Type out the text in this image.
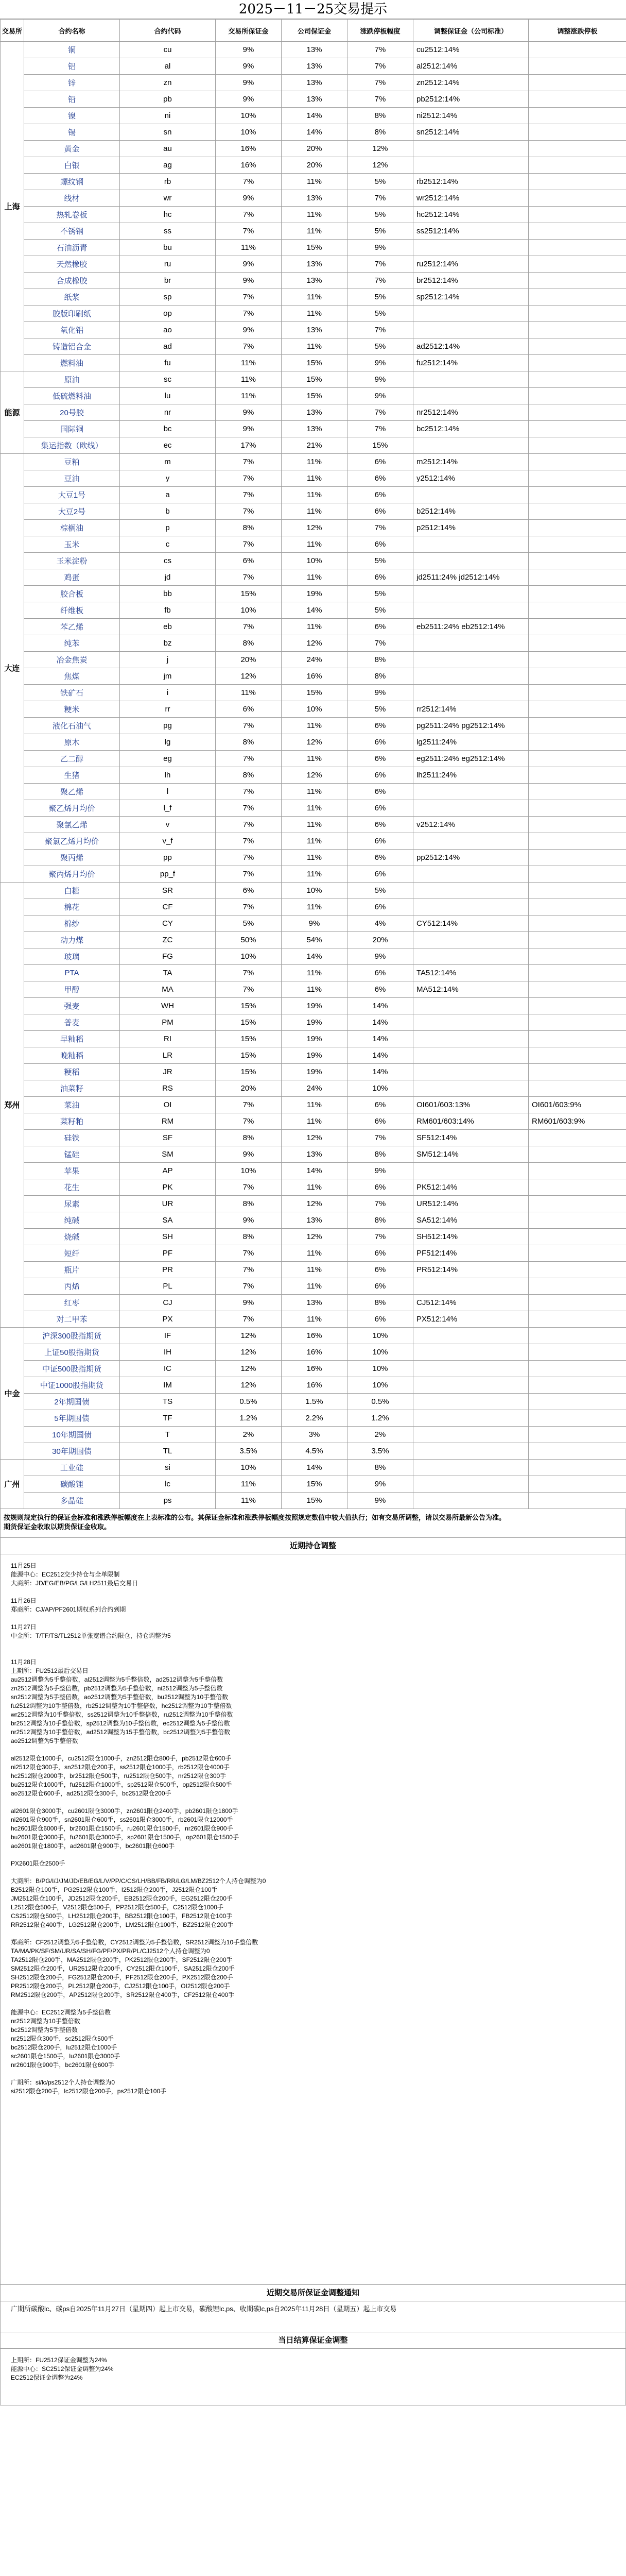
2025－11－25交易提示
交易所	合约名称	合约代码	交易所保证金	公司保证金	涨跌停板幅度	调整保证金（公司标准）	调整涨跌停板
上海	铜	cu	9%	13%	7%	cu2512:14%	
	铝	al	9%	13%	7%	al2512:14%	
	锌	zn	9%	13%	7%	zn2512:14%	
	铅	pb	9%	13%	7%	pb2512:14%	
	镍	ni	10%	14%	8%	ni2512:14%	
	锡	sn	10%	14%	8%	sn2512:14%	
	黄金	au	16%	20%	12%		
	白银	ag	16%	20%	12%		
	螺纹钢	rb	7%	11%	5%	rb2512:14%	
	线材	wr	9%	13%	7%	wr2512:14%	
	热轧卷板	hc	7%	11%	5%	hc2512:14%	
	不锈钢	ss	7%	11%	5%	ss2512:14%	
	石油沥青	bu	11%	15%	9%		
	天然橡胶	ru	9%	13%	7%	ru2512:14%	
	合成橡胶	br	9%	13%	7%	br2512:14%	
	纸浆	sp	7%	11%	5%	sp2512:14%	
	胶版印刷纸	op	7%	11%	5%		
	氧化铝	ao	9%	13%	7%		
	铸造铝合金	ad	7%	11%	5%	ad2512:14%	
	燃料油	fu	11%	15%	9%	fu2512:14%	
能源	原油	sc	11%	15%	9%		
	低硫燃料油	lu	11%	15%	9%		
	20号胶	nr	9%	13%	7%	nr2512:14%	
	国际铜	bc	9%	13%	7%	bc2512:14%	
	集运指数（欧线）	ec	17%	21%	15%		
大连	豆粕	m	7%	11%	6%	m2512:14%	
	豆油	y	7%	11%	6%	y2512:14%	
	大豆1号	a	7%	11%	6%		
	大豆2号	b	7%	11%	6%	b2512:14%	
	棕榈油	p	8%	12%	7%	p2512:14%	
	玉米	c	7%	11%	6%		
	玉米淀粉	cs	6%	10%	5%		
	鸡蛋	jd	7%	11%	6%	jd2511:24% jd2512:14%	
	胶合板	bb	15%	19%	5%		
	纤维板	fb	10%	14%	5%		
	苯乙烯	eb	7%	11%	6%	eb2511:24% eb2512:14%	
	纯苯	bz	8%	12%	7%		
	冶金焦炭	j	20%	24%	8%		
	焦煤	jm	12%	16%	8%		
	铁矿石	i	11%	15%	9%		
	粳米	rr	6%	10%	5%	rr2512:14%	
	液化石油气	pg	7%	11%	6%	pg2511:24% pg2512:14%	
	原木	lg	8%	12%	6%	lg2511:24%	
	乙二醇	eg	7%	11%	6%	eg2511:24% eg2512:14%	
	生猪	lh	8%	12%	6%	lh2511:24%	
	聚乙烯	l	7%	11%	6%		
	聚乙烯月均价	l_f	7%	11%	6%		
	聚氯乙烯	v	7%	11%	6%	v2512:14%	
	聚氯乙烯月均价	v_f	7%	11%	6%		
	聚丙烯	pp	7%	11%	6%	pp2512:14%	
	聚丙烯月均价	pp_f	7%	11%	6%		
郑州	白糖	SR	6%	10%	5%		
	棉花	CF	7%	11%	6%		
	棉纱	CY	5%	9%	4%	CY512:14%	
	动力煤	ZC	50%	54%	20%		
	玻璃	FG	10%	14%	9%		
	PTA	TA	7%	11%	6%	TA512:14%	
	甲醇	MA	7%	11%	6%	MA512:14%	
	强麦	WH	15%	19%	14%		
	普麦	PM	15%	19%	14%		
	早籼稻	RI	15%	19%	14%		
	晚籼稻	LR	15%	19%	14%		
	粳稻	JR	15%	19%	14%		
	油菜籽	RS	20%	24%	10%		
	菜油	OI	7%	11%	6%	OI601/603:13%	OI601/603:9%
	菜籽粕	RM	7%	11%	6%	RM601/603:14%	RM601/603:9%
	硅铁	SF	8%	12%	7%	SF512:14%	
	锰硅	SM	9%	13%	8%	SM512:14%	
	苹果	AP	10%	14%	9%		
	花生	PK	7%	11%	6%	PK512:14%	
	尿素	UR	8%	12%	7%	UR512:14%	
	纯碱	SA	9%	13%	8%	SA512:14%	
	烧碱	SH	8%	12%	7%	SH512:14%	
	短纤	PF	7%	11%	6%	PF512:14%	
	瓶片	PR	7%	11%	6%	PR512:14%	
	丙烯	PL	7%	11%	6%		
	红枣	CJ	9%	13%	8%	CJ512:14%	
	对二甲苯	PX	7%	11%	6%	PX512:14%	
中金	沪深300股指期货	IF	12%	16%	10%		
	上证50股指期货	IH	12%	16%	10%		
	中证500股指期货	IC	12%	16%	10%		
	中证1000股指期货	IM	12%	16%	10%		
	2年期国债	TS	0.5%	1.5%	0.5%		
	5年期国债	TF	1.2%	2.2%	1.2%		
	10年期国债	T	2%	3%	2%		
	30年期国债	TL	3.5%	4.5%	3.5%		
广州	工业硅	si	10%	14%	8%		
	碳酸锂	lc	11%	15%	9%		
	多晶硅	ps	11%	15%	9%		
按规则规定执行的保证金标准和涨跌停板幅度在上表标准的公布。其保证金标准和涨跌停板幅度按照规定数值中较大值执行；如有交易所调整，请以交易所最新公告为准。
期货保证金收取以期货保证金收取。
近期持仓调整
11月25日
能源中心：EC2512交少持仓与全单限制
大商所：JD/EG/EB/PG/LG/LH2511最后交易日

11月26日
郑商所：CJ/AP/PF2601期权系列合约到期

11月27日
中金所：T/TF/TS/TL2512单张宽谱合约限仓，持仓调整为5

11月28日
上期所：FU2512最后交易日
au2512调整为5手整倍数，al2512调整为5手整倍数，ad2512调整为5手整倍数
zn2512调整为5手整倍数，pb2512调整为5手整倍数，ni2512调整为5手整倍数
sn2512调整为5手整倍数，ao2512调整为5手整倍数，bu2512调整为10手整倍数
fu2512调整为10手整倍数，rb2512调整为10手整倍数，hc2512调整为10手整倍数
wr2512调整为10手整倍数，ss2512调整为10手整倍数，ru2512调整为10手整倍数
br2512调整为10手整倍数，sp2512调整为10手整倍数，ec2512调整为5手整倍数
nr2512调整为10手整倍数，ad2512调整为15手整倍数，bc2512调整为5手整倍数
ao2512调整为5手整倍数

al2512限仓1000手，cu2512限仓1000手，zn2512限仓800手，pb2512限仓600手
ni2512限仓300手，sn2512限仓200手，ss2512限仓1000手，rb2512限仓4000手
hc2512限仓2000手，br2512限仓500手，ru2512限仓500手，nr2512限仓300手
bu2512限仓1000手，fu2512限仓1000手，sp2512限仓500手，op2512限仓500手
ao2512限仓600手，ad2512限仓300手，bc2512限仓200手

al2601限仓3000手，cu2601限仓3000手，zn2601限仓2400手，pb2601限仓1800手
ni2601限仓900手，sn2601限仓600手，ss2601限仓3000手，rb2601限仓12000手
hc2601限仓6000手，br2601限仓1500手，ru2601限仓1500手，nr2601限仓900手
bu2601限仓3000手，fu2601限仓3000手，sp2601限仓1500手，op2601限仓1500手
ao2601限仓1800手，ad2601限仓900手，bc2601限仓600手

PX2601限仓2500手

大商所：B/PG/I/J/JM/JD/EB/EG/L/V/PP/C/CS/LH/BB/FB/RR/LG/LM/BZ2512个人持仓调整为0
B2512限仓100手，PG2512限仓100手，I2512限仓200手，J2512限仓100手
JM2512限仓100手，JD2512限仓200手，EB2512限仓200手，EG2512限仓200手
L2512限仓500手，V2512限仓500手，PP2512限仓500手，C2512限仓1000手
CS2512限仓500手，LH2512限仓200手，BB2512限仓100手，FB2512限仓100手
RR2512限仓400手，LG2512限仓200手，LM2512限仓100手，BZ2512限仓200手

郑商所：CF2512调整为5手整倍数，CY2512调整为5手整倍数，SR2512调整为10手整倍数
TA/MA/PK/SF/SM/UR/SA/SH/FG/PF/PX/PR/PL/CJ2512个人持仓调整为0
TA2512限仓200手，MA2512限仓200手，PK2512限仓200手，SF2512限仓200手
SM2512限仓200手，UR2512限仓200手，CY2512限仓100手，SA2512限仓200手
SH2512限仓200手，FG2512限仓200手，PF2512限仓200手，PX2512限仓200手
PR2512限仓200手，PL2512限仓200手，CJ2512限仓100手，OI2512限仓200手
RM2512限仓200手，AP2512限仓200手，SR2512限仓400手，CF2512限仓400手

能源中心：EC2512调整为5手整倍数
nr2512调整为10手整倍数
bc2512调整为5手整倍数
nr2512限仓300手，sc2512限仓500手
bc2512限仓200手，lu2512限仓1000手
sc2601限仓1500手，lu2601限仓3000手
nr2601限仓900手，bc2601限仓600手

广期所：si/lc/ps2512个人持仓调整为0
si2512限仓200手，lc2512限仓200手，ps2512限仓100手
近期交易所保证金调整通知
广期所碳酸lc、碳ps自2025年11月27日（星期四）起上市交易，碳酸锂lc,ps、收期碳lc,ps自2025年11月28日（星期五）起上市交易
当日结算保证金调整
上期所：FU2512保证金调整为24%
能源中心：SC2512保证金调整为24%
EC2512保证金调整为24%
